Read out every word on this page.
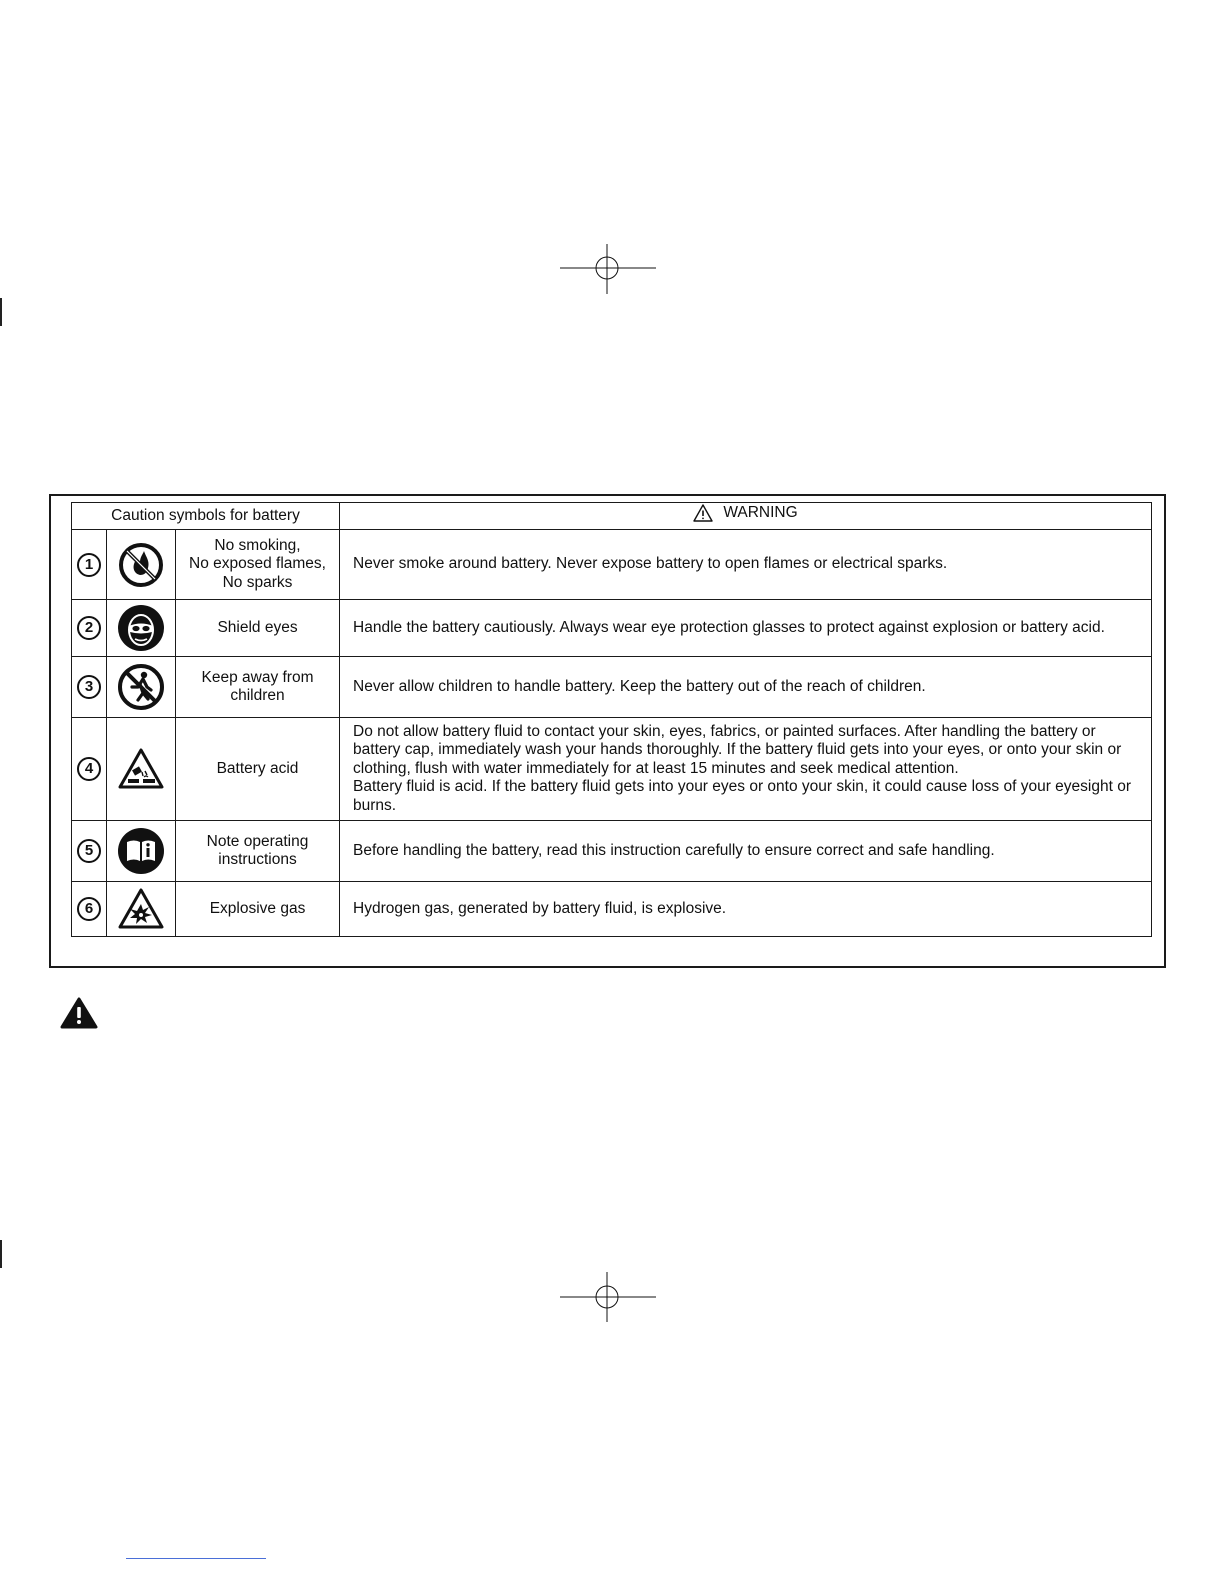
Caution symbols for battery			WARNING

1		No smoking,
No exposed flames,
No sparks	Never smoke around battery. Never expose battery to open flames or electrical sparks.

2		Shield eyes	Handle the battery cautiously. Always wear eye protection glasses to protect against explosion or battery acid.

3		Keep away from
children	Never allow children to handle battery. Keep the battery out of the reach of children.

4		Battery acid	Do not allow battery fluid to contact your skin, eyes, fabrics, or painted surfaces. After handling the battery or battery cap, immediately wash your hands thoroughly. If the battery fluid gets into your eyes, or onto your skin or clothing, flush with water immediately for at least 15 minutes and seek medical attention.

Battery fluid is acid. If the battery fluid gets into your eyes or onto your skin, it could cause loss of your eyesight or burns.

5		Note operating
instructions	Before handling the battery, read this instruction carefully to ensure correct and safe handling.

6		Explosive gas	Hydrogen gas, generated by battery fluid, is explosive.
